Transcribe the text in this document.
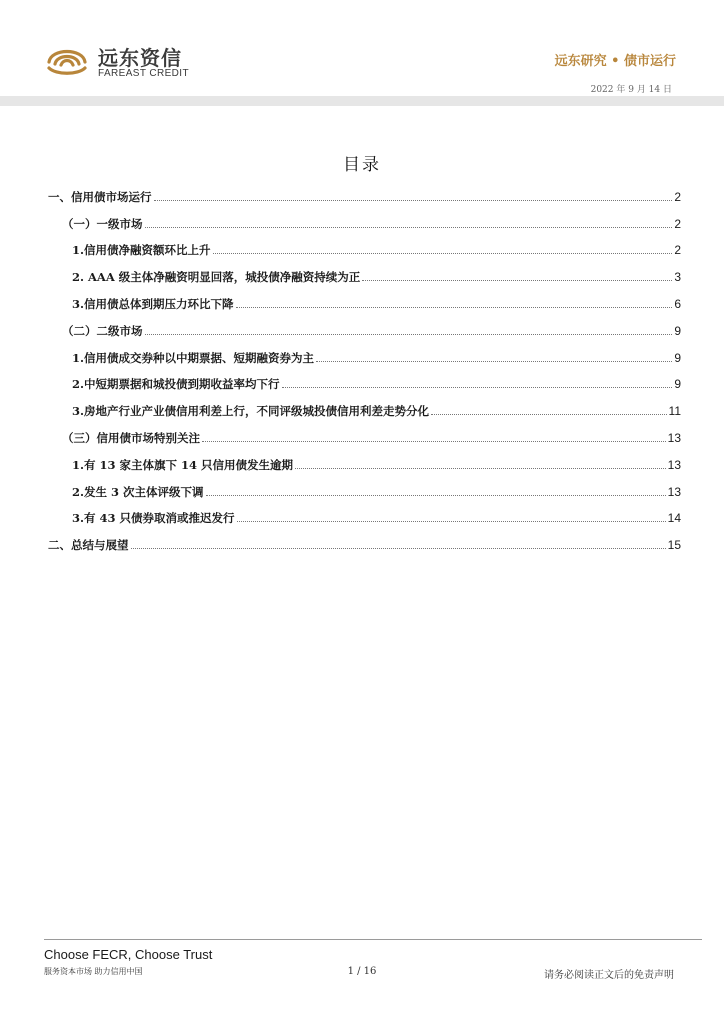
远东资信
FAREAST CREDIT
远东研究 • 债市运行
2022 年 9 月 14 日
目录
一、信用债市场运行	2
（一）一级市场	2
1.信用债净融资额环比上升	2
2. AAA 级主体净融资明显回落，城投债净融资持续为正	3
3.信用债总体到期压力环比下降	6
（二）二级市场	9
1.信用债成交券种以中期票据、短期融资券为主	9
2.中短期票据和城投债到期收益率均下行	9
3.房地产行业产业债信用利差上行，不同评级城投债信用利差走势分化	11
（三）信用债市场特别关注	13
1.有 13 家主体旗下 14 只信用债发生逾期	13
2.发生 3 次主体评级下调	13
3.有 43 只债券取消或推迟发行	14
二、总结与展望	15
Choose FECR, Choose Trust
服务资本市场 助力信用中国	1 / 16	请务必阅读正文后的免责声明
